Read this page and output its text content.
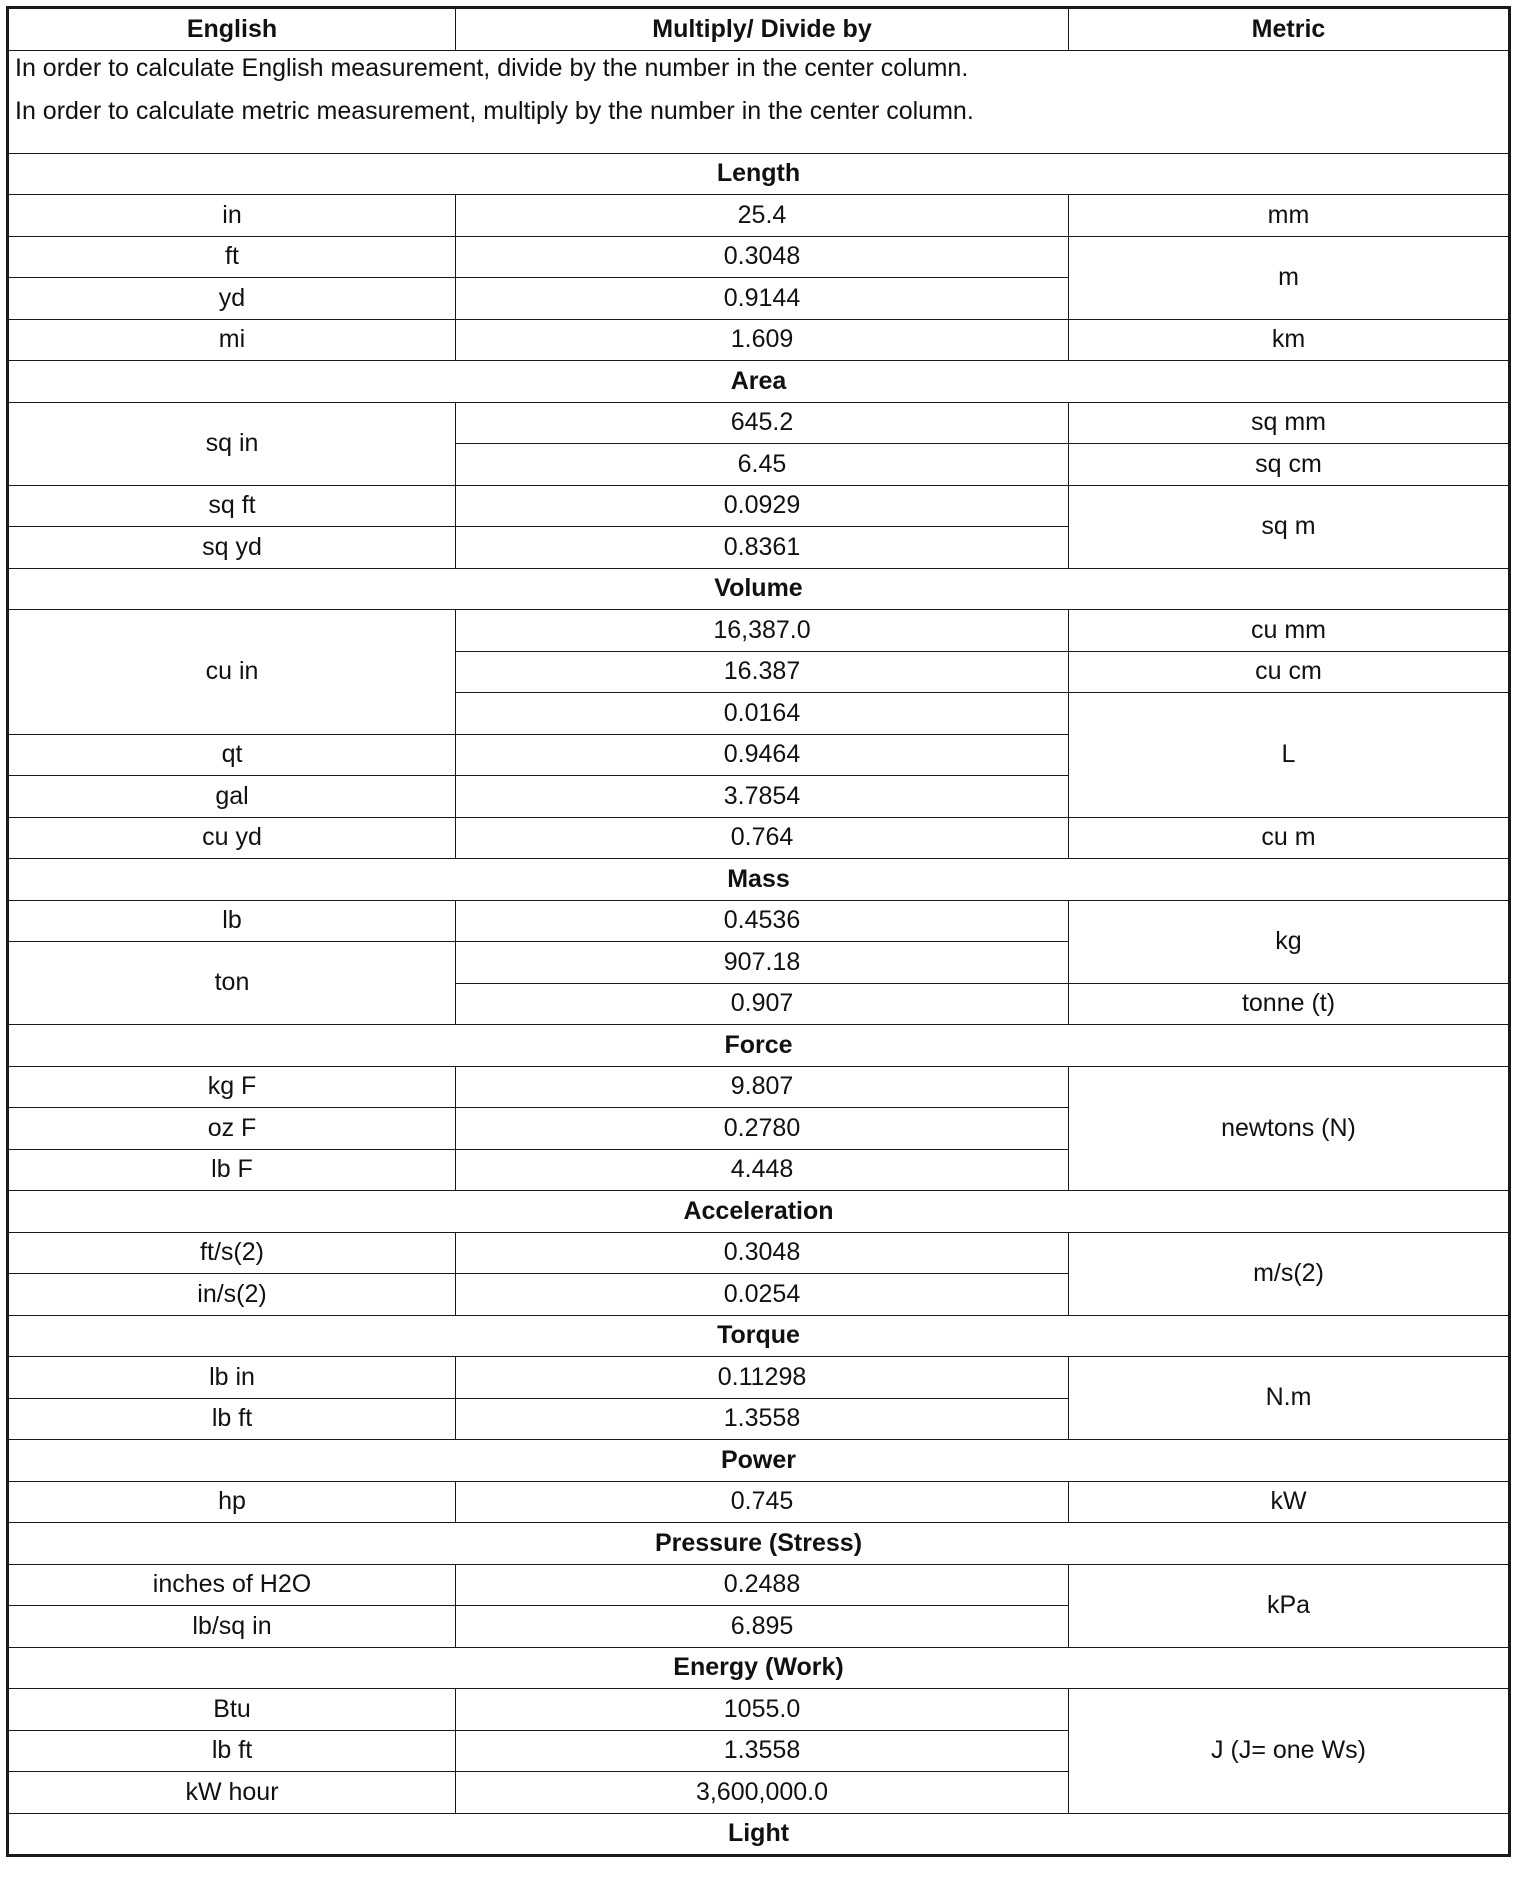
English	Multiply/ Divide by	Metric

In order to calculate English measurement, divide by the number in the center column.

In order to calculate metric measurement, multiply by the number in the center column.		

Length		
in	25.4	mm
ft	0.3048	m
yd	0.9144	
mi	1.609	km
Area		
sq in	645.2	sq mm
	6.45	sq cm
sq ft	0.0929	sq m
sq yd	0.8361	
Volume		
cu in	16,387.0	cu mm
	16.387	cu cm
	0.0164	L
qt	0.9464	
gal	3.7854	
cu yd	0.764	cu m
Mass		
lb	0.4536	kg
ton	907.18	
	0.907	tonne (t)
Force		
kg F	9.807	newtons (N)
oz F	0.2780	
lb F	4.448	
Acceleration		
ft/s(2)	0.3048	m/s(2)
in/s(2)	0.0254	
Torque		
lb in	0.11298	N.m
lb ft	1.3558	
Power		
hp	0.745	kW
Pressure (Stress)		
inches of H2O	0.2488	kPa
lb/sq in	6.895	
Energy (Work)		
Btu	1055.0	J (J= one Ws)
lb ft	1.3558	
kW hour	3,600,000.0	
Light		
